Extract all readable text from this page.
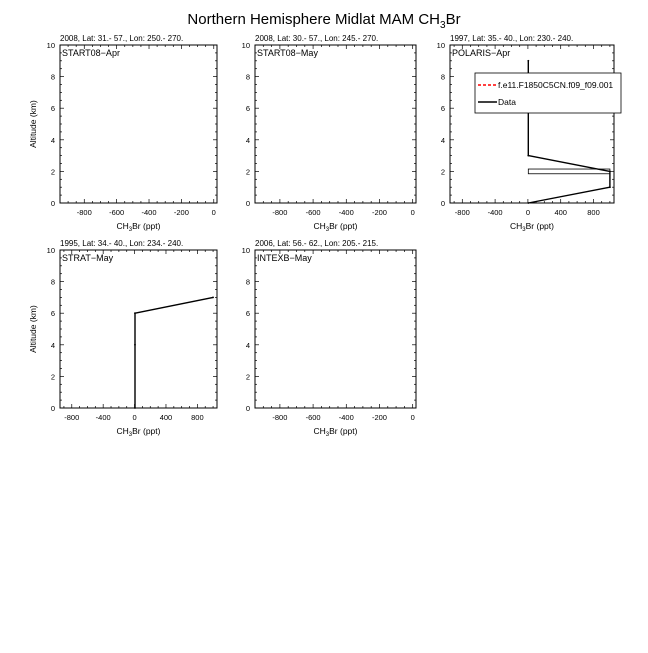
Northern Hemisphere Midlat MAM $CH_3Br$
2008, Lat: 31.- 57., Lon: 250.- 270.
START08−Apr
-800 -600 -400 -200	0
0
2
4
6
8
10
$CH_3Br$ (ppt)
Altitude (km)
2008, Lat: 30.- 57., Lon: 245.- 270.
START08−May
-800 -600 -400 -200	0
0
2
4
6
8
10
$CH_3Br$ (ppt)
1997, Lat: 35.- 40., Lon: 230.- 240.
POLARIS−Apr
-800 -400	0	400	800
0
2
4
6
8
10
$CH_3Br$ (ppt)
f.e11.F1850C5CN.f09_f09.001
Data
1995, Lat: 34.- 40., Lon: 234.- 240.
STRAT−May
-800 -400	0	400	800
0
2
4
6
8
10
$CH_3Br$ (ppt)
Altitude (km)
2006, Lat: 56.- 62., Lon: 205.- 215.
INTEXB−May
-800 -600 -400 -200	0
0
2
4
6
8
10
$CH_3Br$ (ppt)
